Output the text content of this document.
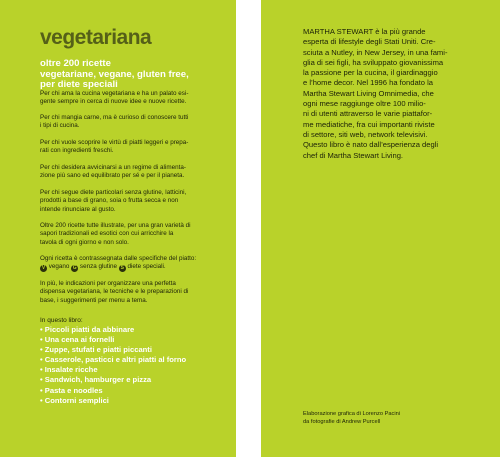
vegetariana
oltre 200 ricette
vegetariane, vegane, gluten free,
per diete speciali
Per chi ama la cucina vegetariana e ha un palato esi-
gente sempre in cerca di nuove idee e nuove ricette.
Per chi mangia carne, ma è curioso di conoscere tutti
i tipi di cucina.
Per chi vuole scoprire le virtù di piatti leggeri e prepa-
rati con ingredienti freschi.
Per chi desidera avvicinarsi a un regime di alimenta-
zione più sano ed equilibrato per sé e per il pianeta.
Per chi segue diete particolari senza glutine, latticini,
prodotti a base di grano, soia o frutta secca e non
intende rinunciare al gusto.
Oltre 200 ricette tutte illustrate, per una gran varietà di
sapori tradizionali ed esotici con cui arricchire la
tavola di ogni giorno e non solo.
Ogni ricetta è contrassegnata dalle specifiche del piatto:
V vegano G senza glutine S diete speciali.
In più, le indicazioni per organizzare una perfetta
dispensa vegetariana, le tecniche e le preparazioni di
base, i suggerimenti per menu a tema.
In questo libro:
• Piccoli piatti da abbinare
• Una cena ai fornelli
• Zuppe, stufati e piatti piccanti
• Casserole, pasticci e altri piatti al forno
• Insalate ricche
• Sandwich, hamburger e pizza
• Pasta e noodles
• Contorni semplici
MARTHA STEWART è la più grande
esperta di lifestyle degli Stati Uniti. Cre-
sciuta a Nutley, in New Jersey, in una fami-
glia di sei figli, ha sviluppato giovanissima
la passione per la cucina, il giardinaggio
e l’home decor. Nel 1996 ha fondato la
Martha Stewart Living Omnimedia, che
ogni mese raggiunge oltre 100 milio-
ni di utenti attraverso le varie piattafor-
me mediatiche, fra cui importanti riviste
di settore, siti web, network televisivi.
Questo libro è nato dall’esperienza degli
chef di Martha Stewart Living.
Elaborazione grafica di Lorenzo Pacini
da fotografie di Andrew Purcell
